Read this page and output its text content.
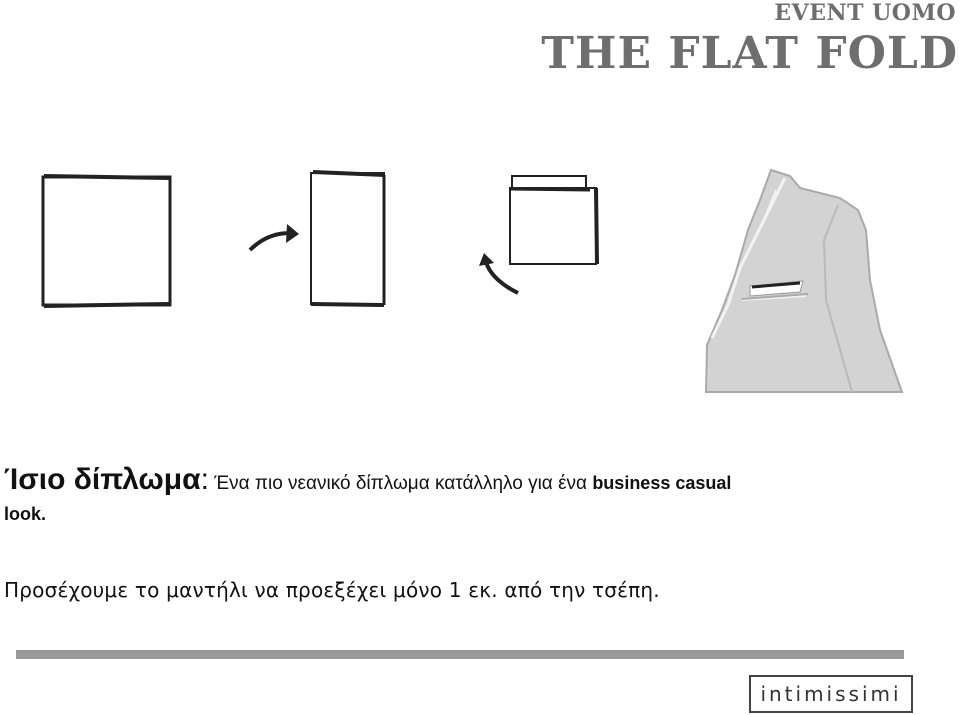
EVENT UOMO
THE FLAT FOLD
Ίσιο δίπλωμα: Ένα πιο νεανικό δίπλωμα κατάλληλο για ένα business casual
look.
Προσέχουμε το μαντήλι να προεξέχει μόνο 1 εκ. από την τσέπη.
intimissimi
